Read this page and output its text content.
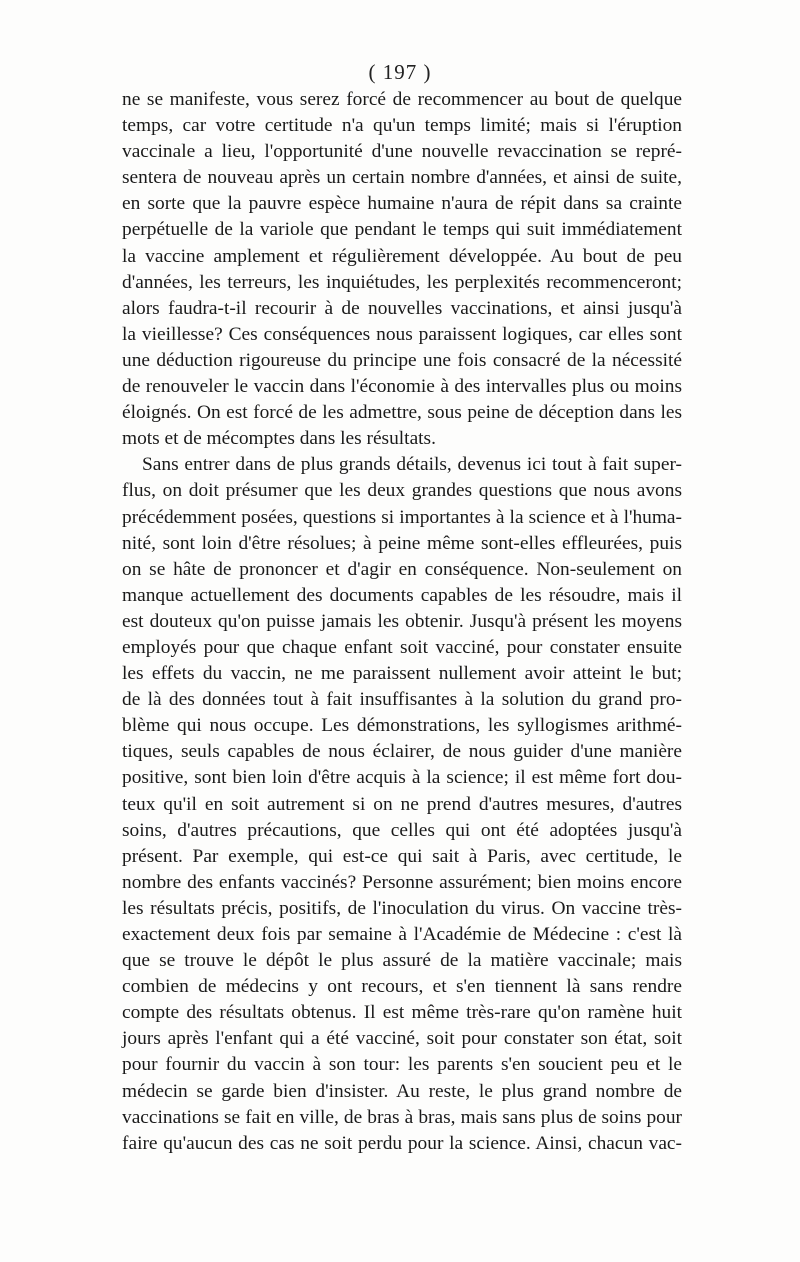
( 197 )
ne se manifeste, vous serez forcé de recommencer au bout de quelque
temps, car votre certitude n'a qu'un temps limité; mais si l'éruption
vaccinale a lieu, l'opportunité d'une nouvelle revaccination se repré-
sentera de nouveau après un certain nombre d'années, et ainsi de suite,
en sorte que la pauvre espèce humaine n'aura de répit dans sa crainte
perpétuelle de la variole que pendant le temps qui suit immédiatement
la vaccine amplement et régulièrement développée. Au bout de peu
d'années, les terreurs, les inquiétudes, les perplexités recommenceront;
alors faudra-t-il recourir à de nouvelles vaccinations, et ainsi jusqu'à
la vieillesse? Ces conséquences nous paraissent logiques, car elles sont
une déduction rigoureuse du principe une fois consacré de la nécessité
de renouveler le vaccin dans l'économie à des intervalles plus ou moins
éloignés. On est forcé de les admettre, sous peine de déception dans les
mots et de mécomptes dans les résultats.
Sans entrer dans de plus grands détails, devenus ici tout à fait super-
flus, on doit présumer que les deux grandes questions que nous avons
précédemment posées, questions si importantes à la science et à l'huma-
nité, sont loin d'être résolues; à peine même sont-elles effleurées, puis
on se hâte de prononcer et d'agir en conséquence. Non-seulement on
manque actuellement des documents capables de les résoudre, mais il
est douteux qu'on puisse jamais les obtenir. Jusqu'à présent les moyens
employés pour que chaque enfant soit vacciné, pour constater ensuite
les effets du vaccin, ne me paraissent nullement avoir atteint le but;
de là des données tout à fait insuffisantes à la solution du grand pro-
blème qui nous occupe. Les démonstrations, les syllogismes arithmé-
tiques, seuls capables de nous éclairer, de nous guider d'une manière
positive, sont bien loin d'être acquis à la science; il est même fort dou-
teux qu'il en soit autrement si on ne prend d'autres mesures, d'autres
soins, d'autres précautions, que celles qui ont été adoptées jusqu'à
présent. Par exemple, qui est-ce qui sait à Paris, avec certitude, le
nombre des enfants vaccinés? Personne assurément; bien moins encore
les résultats précis, positifs, de l'inoculation du virus. On vaccine très-
exactement deux fois par semaine à l'Académie de Médecine : c'est là
que se trouve le dépôt le plus assuré de la matière vaccinale; mais
combien de médecins y ont recours, et s'en tiennent là sans rendre
compte des résultats obtenus. Il est même très-rare qu'on ramène huit
jours après l'enfant qui a été vacciné, soit pour constater son état, soit
pour fournir du vaccin à son tour: les parents s'en soucient peu et le
médecin se garde bien d'insister. Au reste, le plus grand nombre de
vaccinations se fait en ville, de bras à bras, mais sans plus de soins pour
faire qu'aucun des cas ne soit perdu pour la science. Ainsi, chacun vac-
